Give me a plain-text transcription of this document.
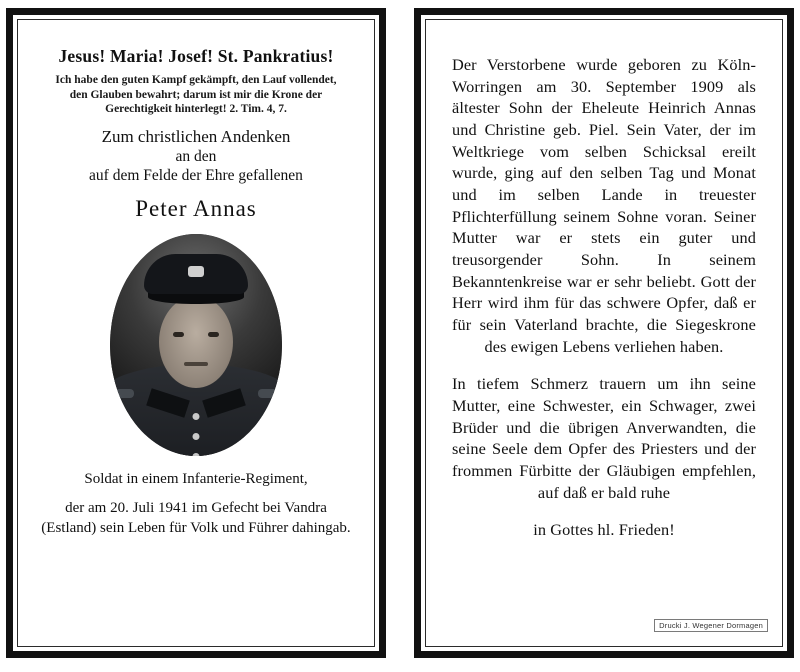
Jesus! Maria! Josef! St. Pankratius!
Ich habe den guten Kampf gekämpft, den Lauf vollendet, den Glauben bewahrt; darum ist mir die Krone der Gerechtigkeit hinterlegt! 2. Tim. 4, 7.
Zum christlichen Andenken
an den
auf dem Felde der Ehre gefallenen
Peter Annas
Soldat in einem Infanterie-Regiment,
der am 20. Juli 1941 im Gefecht bei Vandra (Estland) sein Leben für Volk und Führer dahingab.

Der Verstorbene wurde geboren zu Köln-Worringen am 30. September 1909 als ältester Sohn der Eheleute Heinrich Annas und Christine geb. Piel. Sein Vater, der im Weltkriege vom selben Schicksal ereilt wurde, ging auf den selben Tag und Monat und im selben Lande in treuester Pflichterfüllung seinem Sohne voran. Seiner Mutter war er stets ein guter und treusorgender Sohn. In seinem Bekanntenkreise war er sehr beliebt. Gott der Herr wird ihm für das schwere Opfer, daß er für sein Vaterland brachte, die Siegeskrone des ewigen Lebens verliehen haben.

In tiefem Schmerz trauern um ihn seine Mutter, eine Schwester, ein Schwager, zwei Brüder und die übrigen Anverwandten, die seine Seele dem Opfer des Priesters und der frommen Fürbitte der Gläubigen empfehlen, auf daß er bald ruhe

in Gottes hl. Frieden!

Drucki J. Wegener Dormagen
